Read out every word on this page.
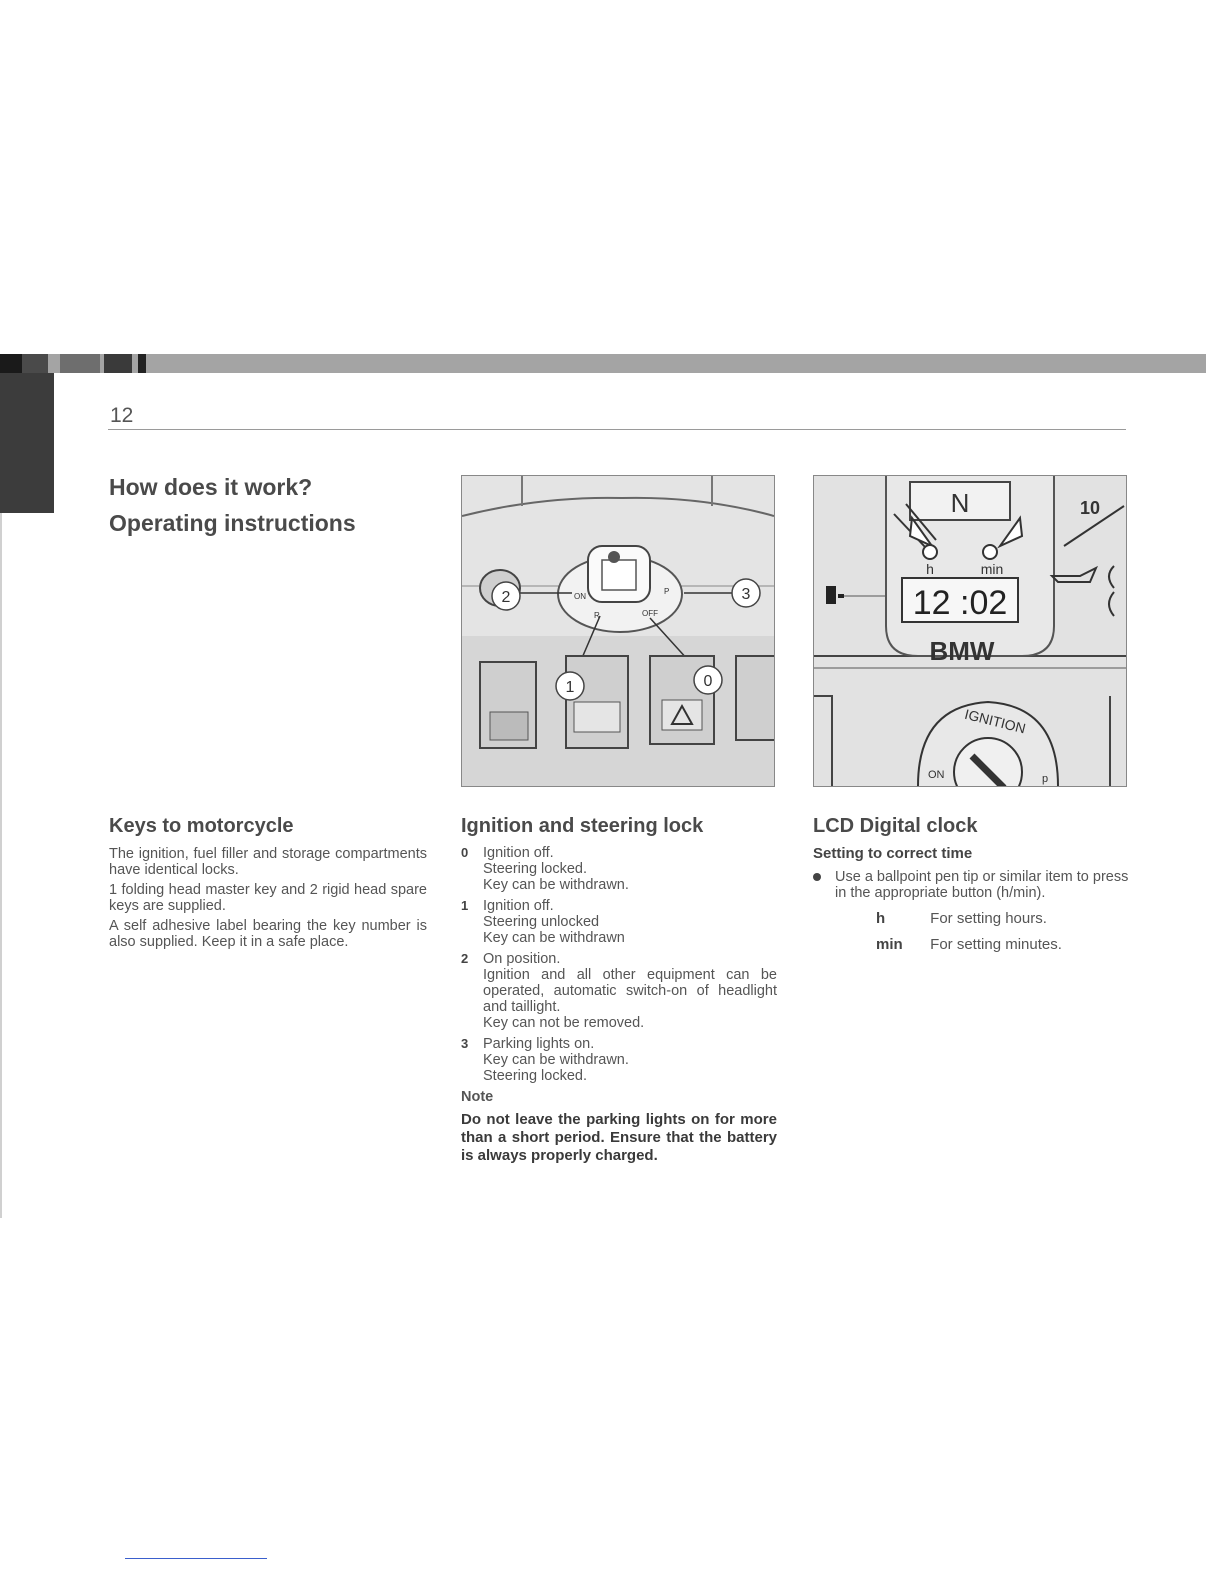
12
How does it work?
Operating instructions
ON
P
R	OFF
2	3
1	0
N	10
h	min
12 :02
BMW
IGNITION
ON	p
Keys to motorcycle

The ignition, fuel filler and storage compartments have identical locks.

1 folding head master key and 2 rigid head spare keys are supplied.

A self adhesive label bearing the key number is also supplied. Keep it in a safe place.

Ignition and steering lock
0 Ignition off.
Steering locked.
Key can be withdrawn.
1 Ignition off.
Steering unlocked
Key can be withdrawn
2 On position.
Ignition and all other equipment can be operated, automatic switch-on of headlight and taillight.
Key can not be removed.
3 Parking lights on.
Key can be withdrawn.
Steering locked.
Note
Do not leave the parking lights on for more than a short period. Ensure that the battery is always properly charged.
LCD Digital clock
Setting to correct time
Use a ballpoint pen tip or similar item to press in the appropriate button (h/min).
h	For setting hours.
min For setting minutes.
